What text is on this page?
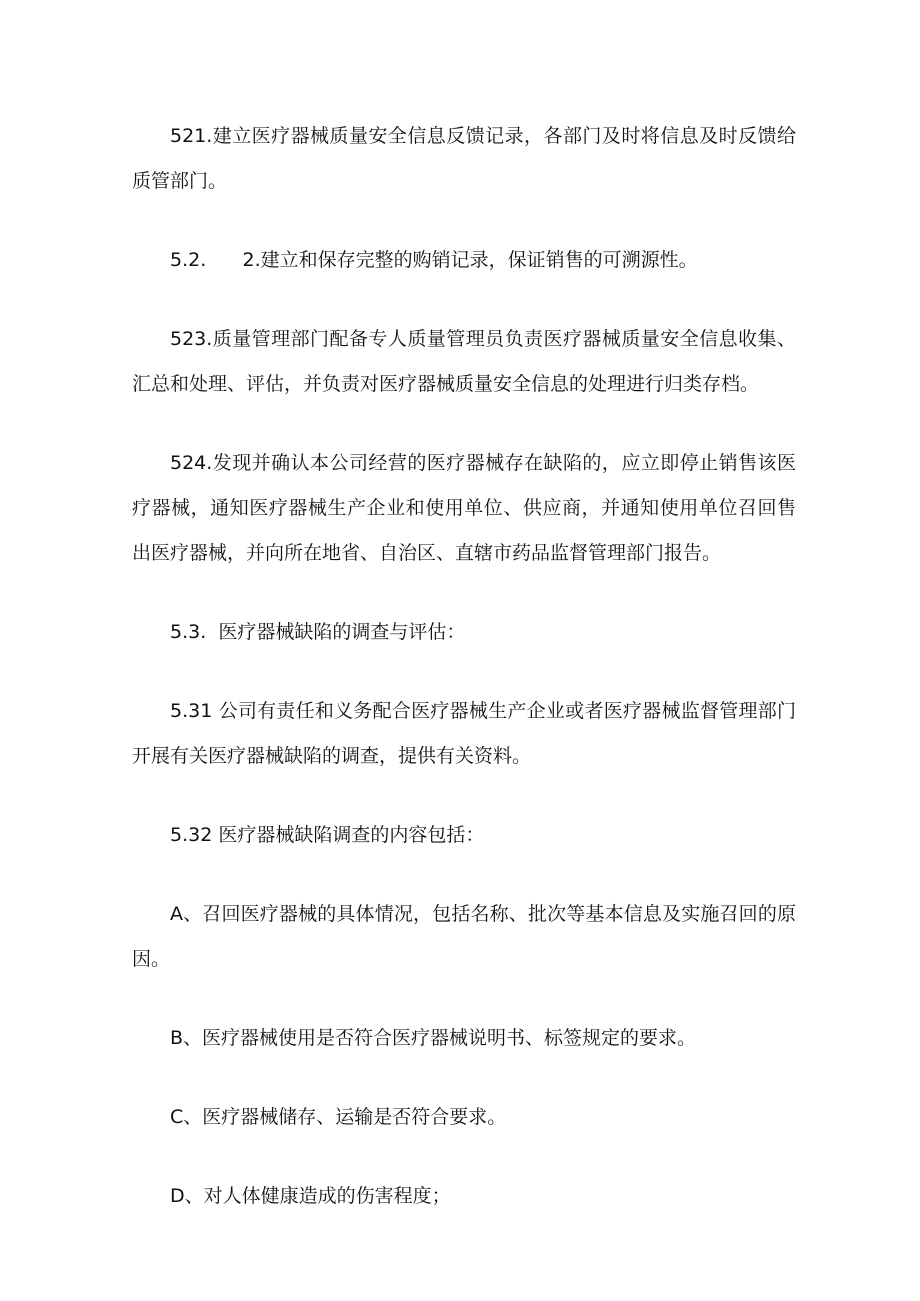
521.建立医疗器械质量安全信息反馈记录，各部门及时将信息及时反馈给质管部门。

5.2.      2.建立和保存完整的购销记录，保证销售的可溯源性。

523.质量管理部门配备专人质量管理员负责医疗器械质量安全信息收集、汇总和处理、评估，并负责对医疗器械质量安全信息的处理进行归类存档。

524.发现并确认本公司经营的医疗器械存在缺陷的，应立即停止销售该医疗器械，通知医疗器械生产企业和使用单位、供应商，并通知使用单位召回售出医疗器械，并向所在地省、自治区、直辖市药品监督管理部门报告。

5.3.  医疗器械缺陷的调查与评估：

5.31 公司有责任和义务配合医疗器械生产企业或者医疗器械监督管理部门开展有关医疗器械缺陷的调查，提供有关资料。

5.32 医疗器械缺陷调查的内容包括：

A、召回医疗器械的具体情况，包括名称、批次等基本信息及实施召回的原因。

B、医疗器械使用是否符合医疗器械说明书、标签规定的要求。

C、医疗器械储存、运输是否符合要求。

D、对人体健康造成的伤害程度；
